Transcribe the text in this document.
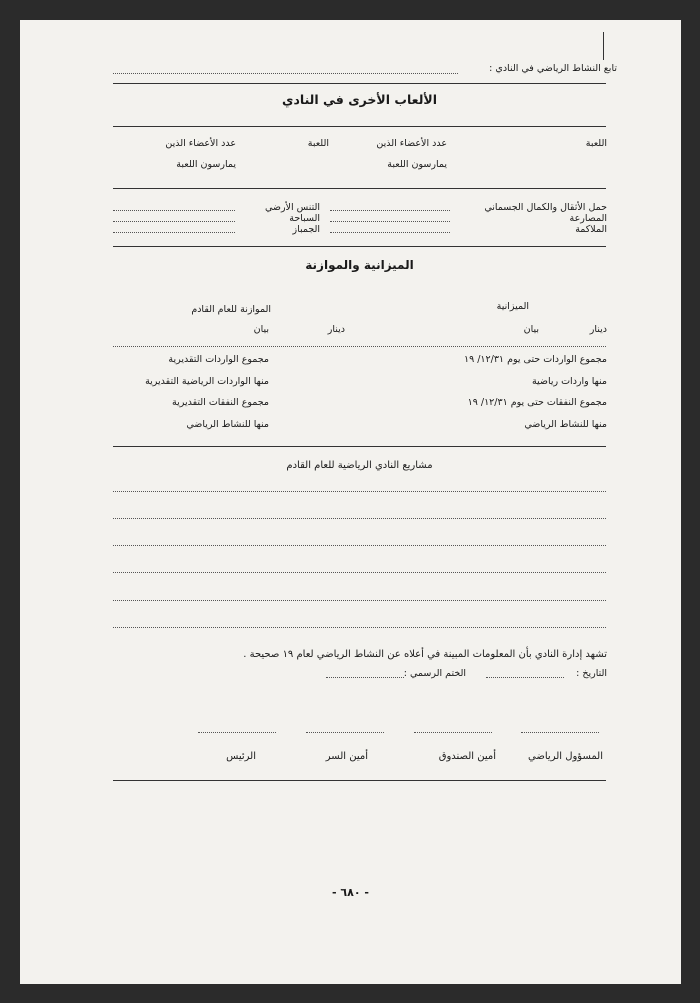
تابع النشاط الرياضي في النادي :
الألعاب الأخرى في النادي
اللعبة
عدد الأعضاء الذين
يمارسون اللعبة
اللعبة
عدد الأعضاء الذين
يمارسون اللعبة
حمل الأثقال والكمال الجسماني
المصارعة
الملاكمة
التنس الأرضي
السباحة
الجمباز
الميزانية والموازنة
الميزانية
الموازنة للعام القادم
دينار
بيان
دينار
بيان
مجموع الواردات حتى يوم ١٢/٣١/ ١٩
منها واردات رياضية
مجموع النفقات حتى يوم ١٢/٣١/ ١٩
منها للنشاط الرياضي
مجموع الواردات التقديرية
منها الواردات الرياضية التقديرية
مجموع النفقات التقديرية
منها للنشاط الرياضي
مشاريع النادي الرياضية للعام القادم
تشهد إدارة النادي بأن المعلومات المبينة في أعلاه عن النشاط الرياضي لعام ١٩ صحيحة .
التاريخ :
الختم الرسمي :
المسؤول الرياضي
أمين الصندوق
أمين السر
الرئيس
- ٦٨٠ -
